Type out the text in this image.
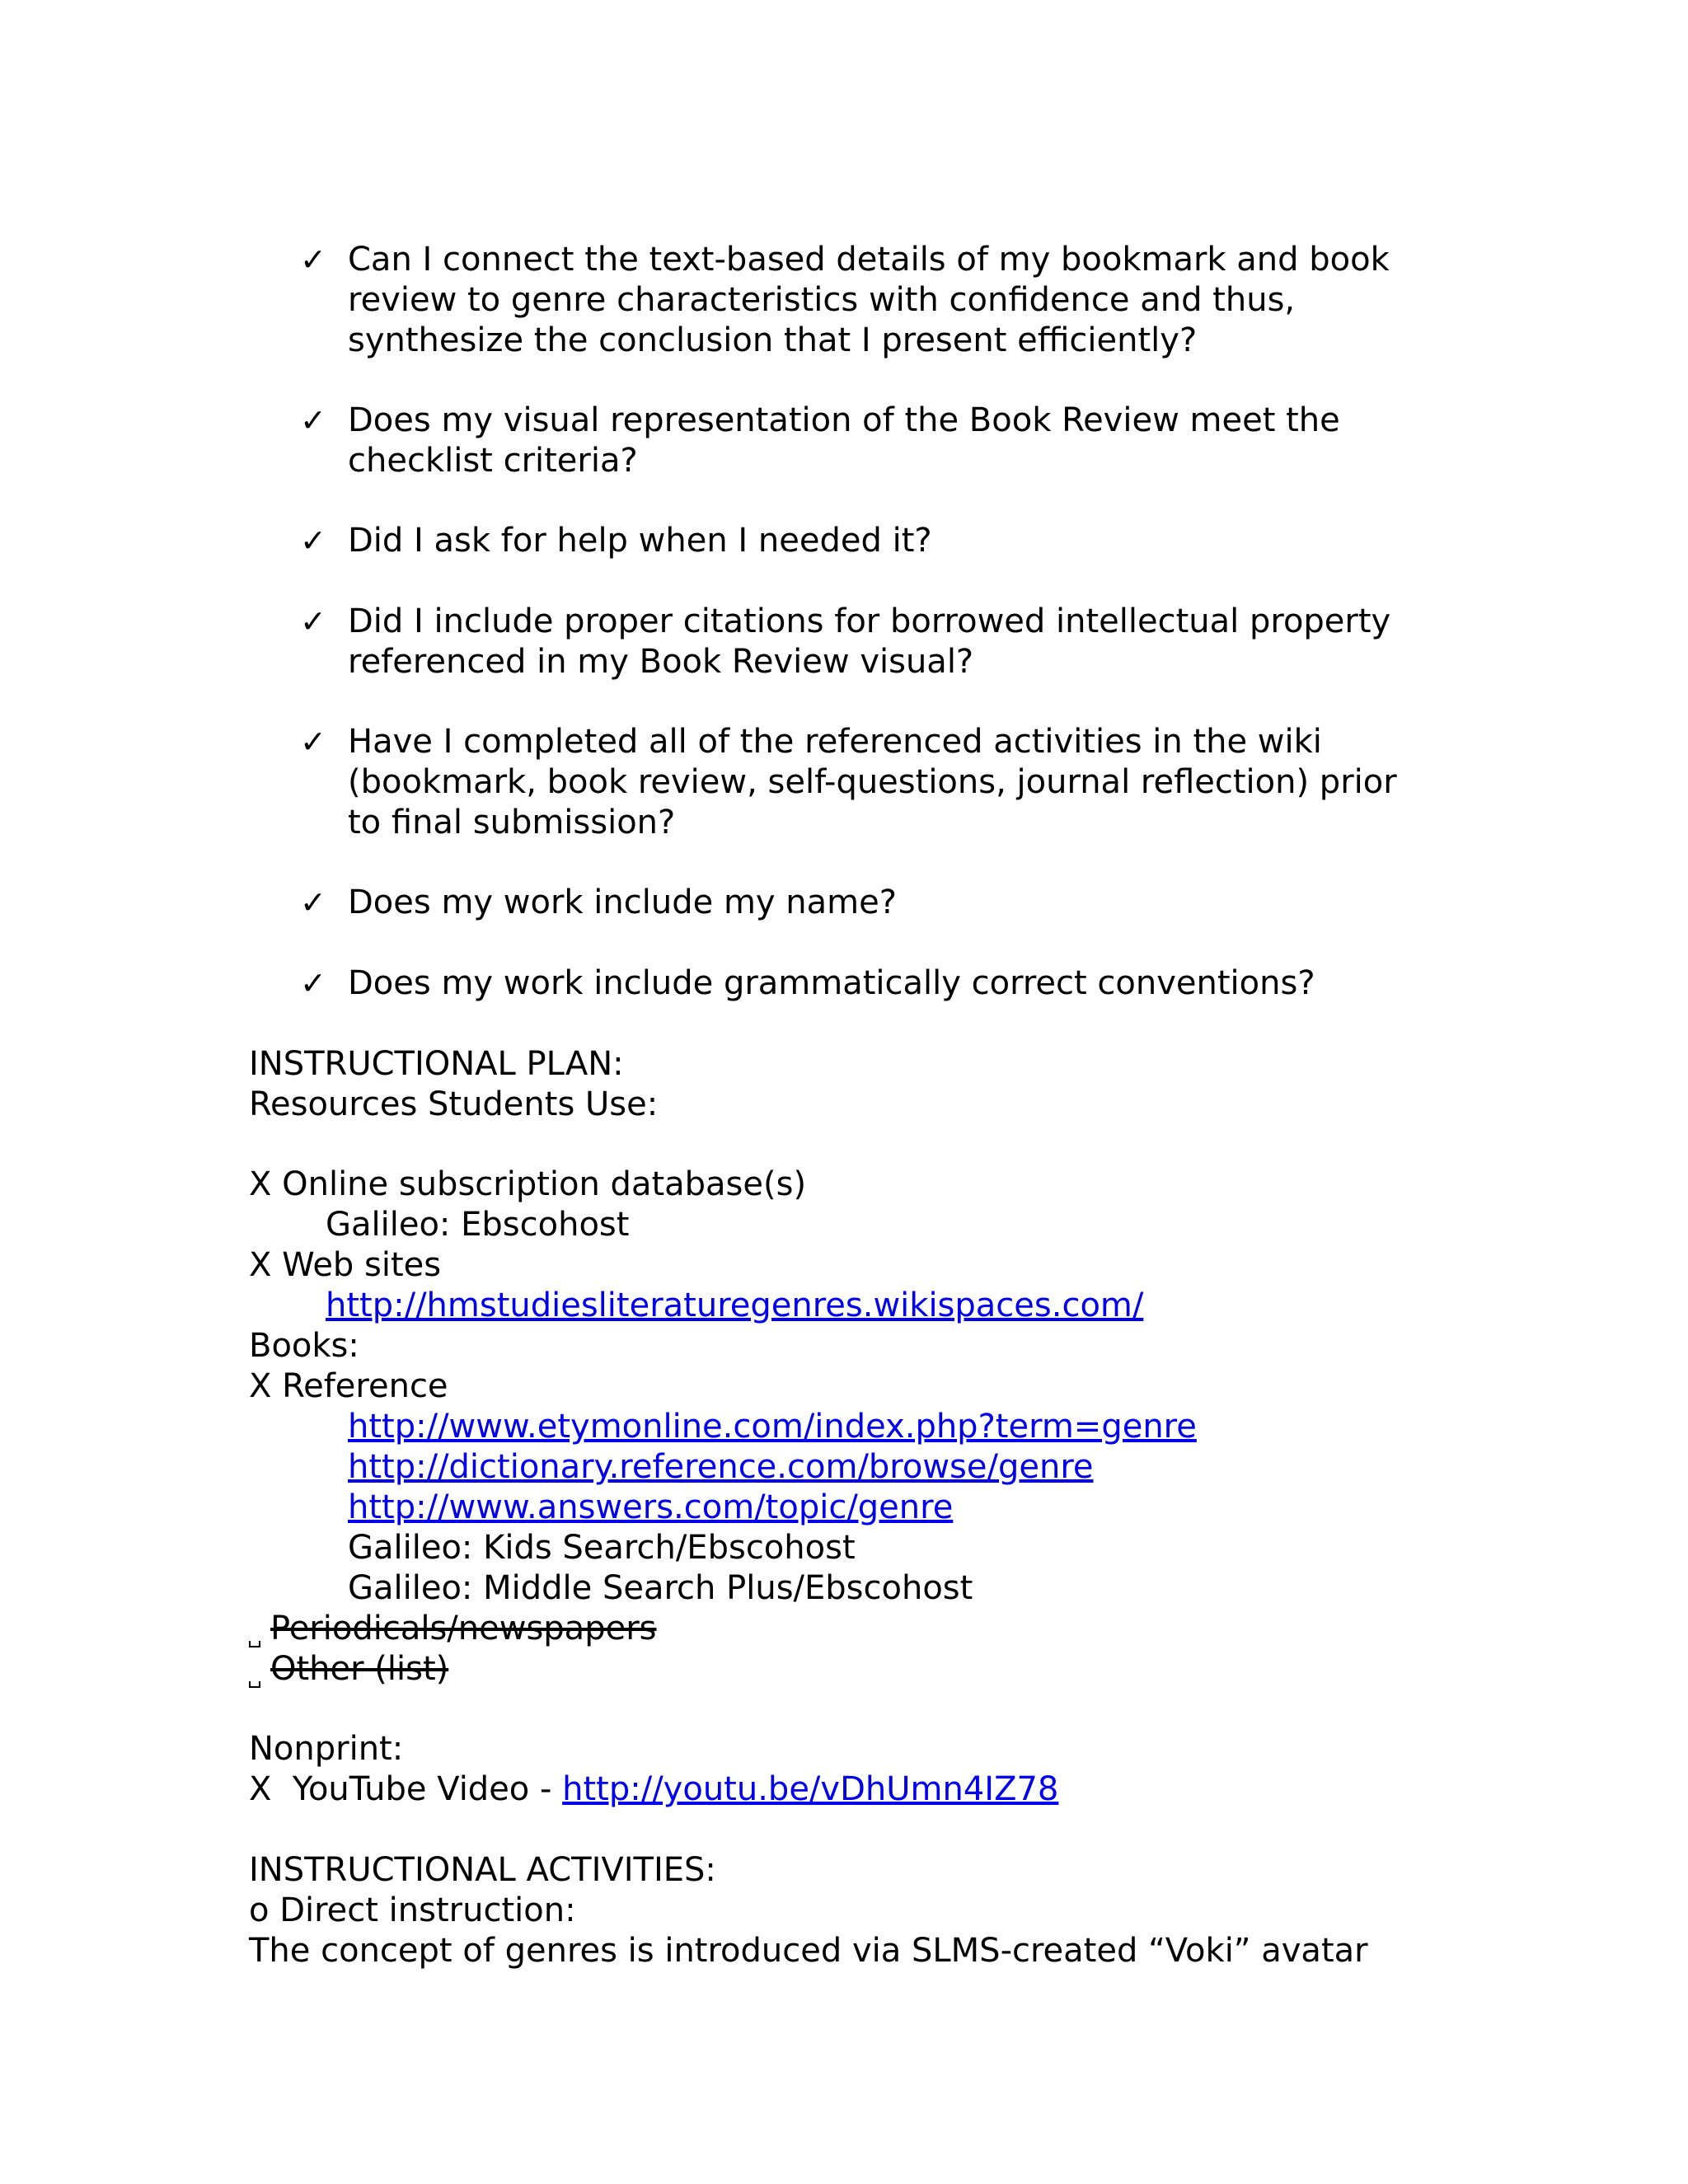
✓ Can I connect the text-based details of my bookmark and book

review to genre characteristics with confidence and thus,

synthesize the conclusion that I present efficiently?

✓ Does my visual representation of the Book Review meet the

checklist criteria?

✓ Did I ask for help when I needed it?

✓ Did I include proper citations for borrowed intellectual property

referenced in my Book Review visual?

✓ Have I completed all of the referenced activities in the wiki

(bookmark, book review, self-questions, journal reflection) prior

to final submission?

✓ Does my work include my name?

✓ Does my work include grammatically correct conventions?

INSTRUCTIONAL PLAN:

Resources Students Use:

X Online subscription database(s)

Galileo: Ebscohost

X Web sites

http://hmstudiesliteraturegenres.wikispaces.com/

Books:

X Reference

http://www.etymonline.com/index.php?term=genre
http://dictionary.reference.com/browse/genre
http://www.answers.com/topic/genre

Galileo: Kids Search/Ebscohost

Galileo: Middle Search Plus/Ebscohost

Periodicals/newspapers

Other (list)

Nonprint:

X  YouTube Video - http://youtu.be/vDhUmn4IZ78

INSTRUCTIONAL ACTIVITIES:

o Direct instruction:

The concept of genres is introduced via SLMS-created “Voki” avatar
